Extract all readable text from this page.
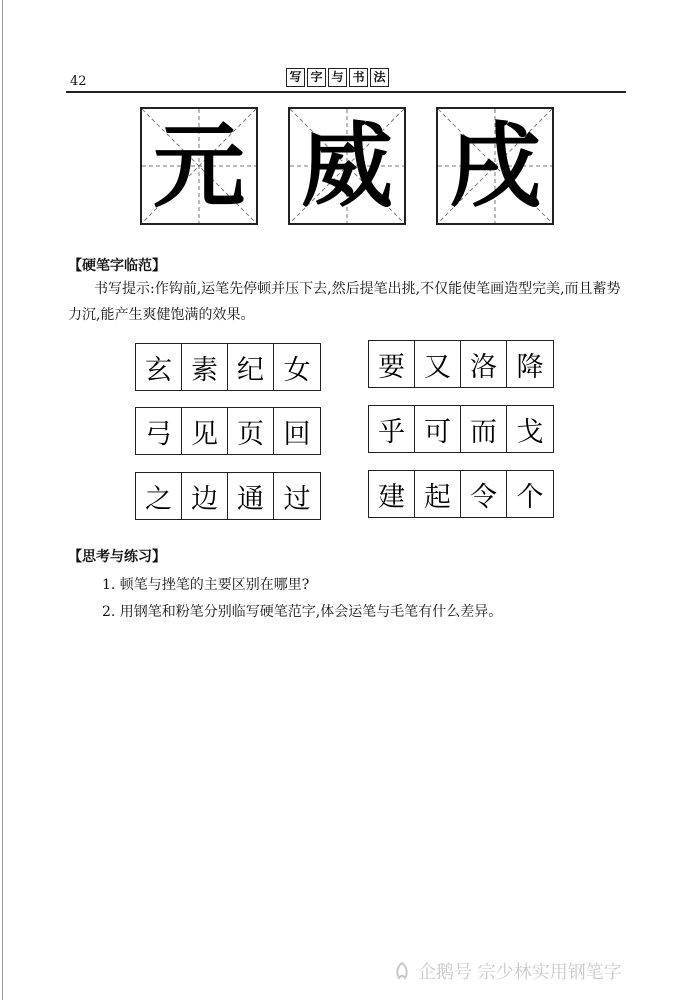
42	写 字 与 书 法
元 威 戌
【硬笔字临范】
书写提示:作钩前,运笔先停顿并压下去,然后提笔出挑,不仅能使笔画造型完美,而且蓄势力沉,能产生爽健饱满的效果。
玄 素 纪 女	要 又 洛 降
弓 见 页 回	乎 可 而 戈
之 边 通 过	建 起 令 个
【思考与练习】
1. 顿笔与挫笔的主要区别在哪里?
2. 用钢笔和粉笔分别临写硬笔范字,体会运笔与毛笔有什么差异。
企鹅号 宗少林实用钢笔字
